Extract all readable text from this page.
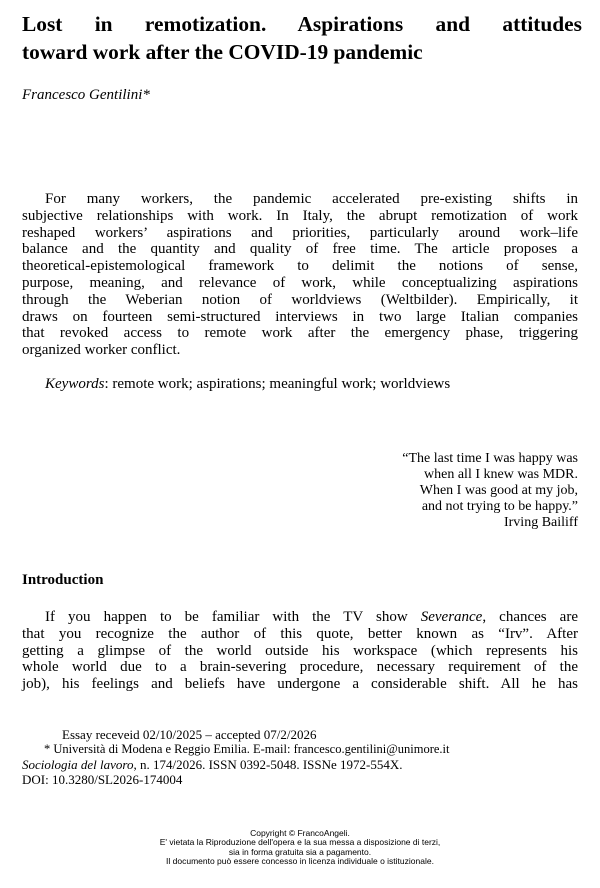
Lost in remotization. Aspirations and attitudes
toward work after the COVID-19 pandemic
Francesco Gentilini*
For many workers, the pandemic accelerated pre-existing shifts in
subjective relationships with work. In Italy, the abrupt remotization of work
reshaped workers’ aspirations and priorities, particularly around work–life
balance and the quantity and quality of free time. The article proposes a
theoretical-epistemological framework to delimit the notions of sense,
purpose, meaning, and relevance of work, while conceptualizing aspirations
through the Weberian notion of worldviews (Weltbilder). Empirically, it
draws on fourteen semi-structured interviews in two large Italian companies
that revoked access to remote work after the emergency phase, triggering
organized worker conflict.
Keywords: remote work; aspirations; meaningful work; worldviews
“The last time I was happy was
when all I knew was MDR.
When I was good at my job,
and not trying to be happy.”
Irving Bailiff
Introduction
If you happen to be familiar with the TV show Severance, chances are
that you recognize the author of this quote, better known as “Irv”. After
getting a glimpse of the world outside his workspace (which represents his
whole world due to a brain-severing procedure, necessary requirement of the
job), his feelings and beliefs have undergone a considerable shift. All he has
Essay receveid 02/10/2025 – accepted 07/2/2026
* Università di Modena e Reggio Emilia. E-mail: francesco.gentilini@unimore.it
Sociologia del lavoro, n. 174/2026. ISSN 0392-5048. ISSNe 1972-554X.
DOI: 10.3280/SL2026-174004
Copyright © FrancoAngeli.
E' vietata la Riproduzione dell'opera e la sua messa a disposizione di terzi,
sia in forma gratuita sia a pagamento.
Il documento può essere concesso in licenza individuale o istituzionale.
